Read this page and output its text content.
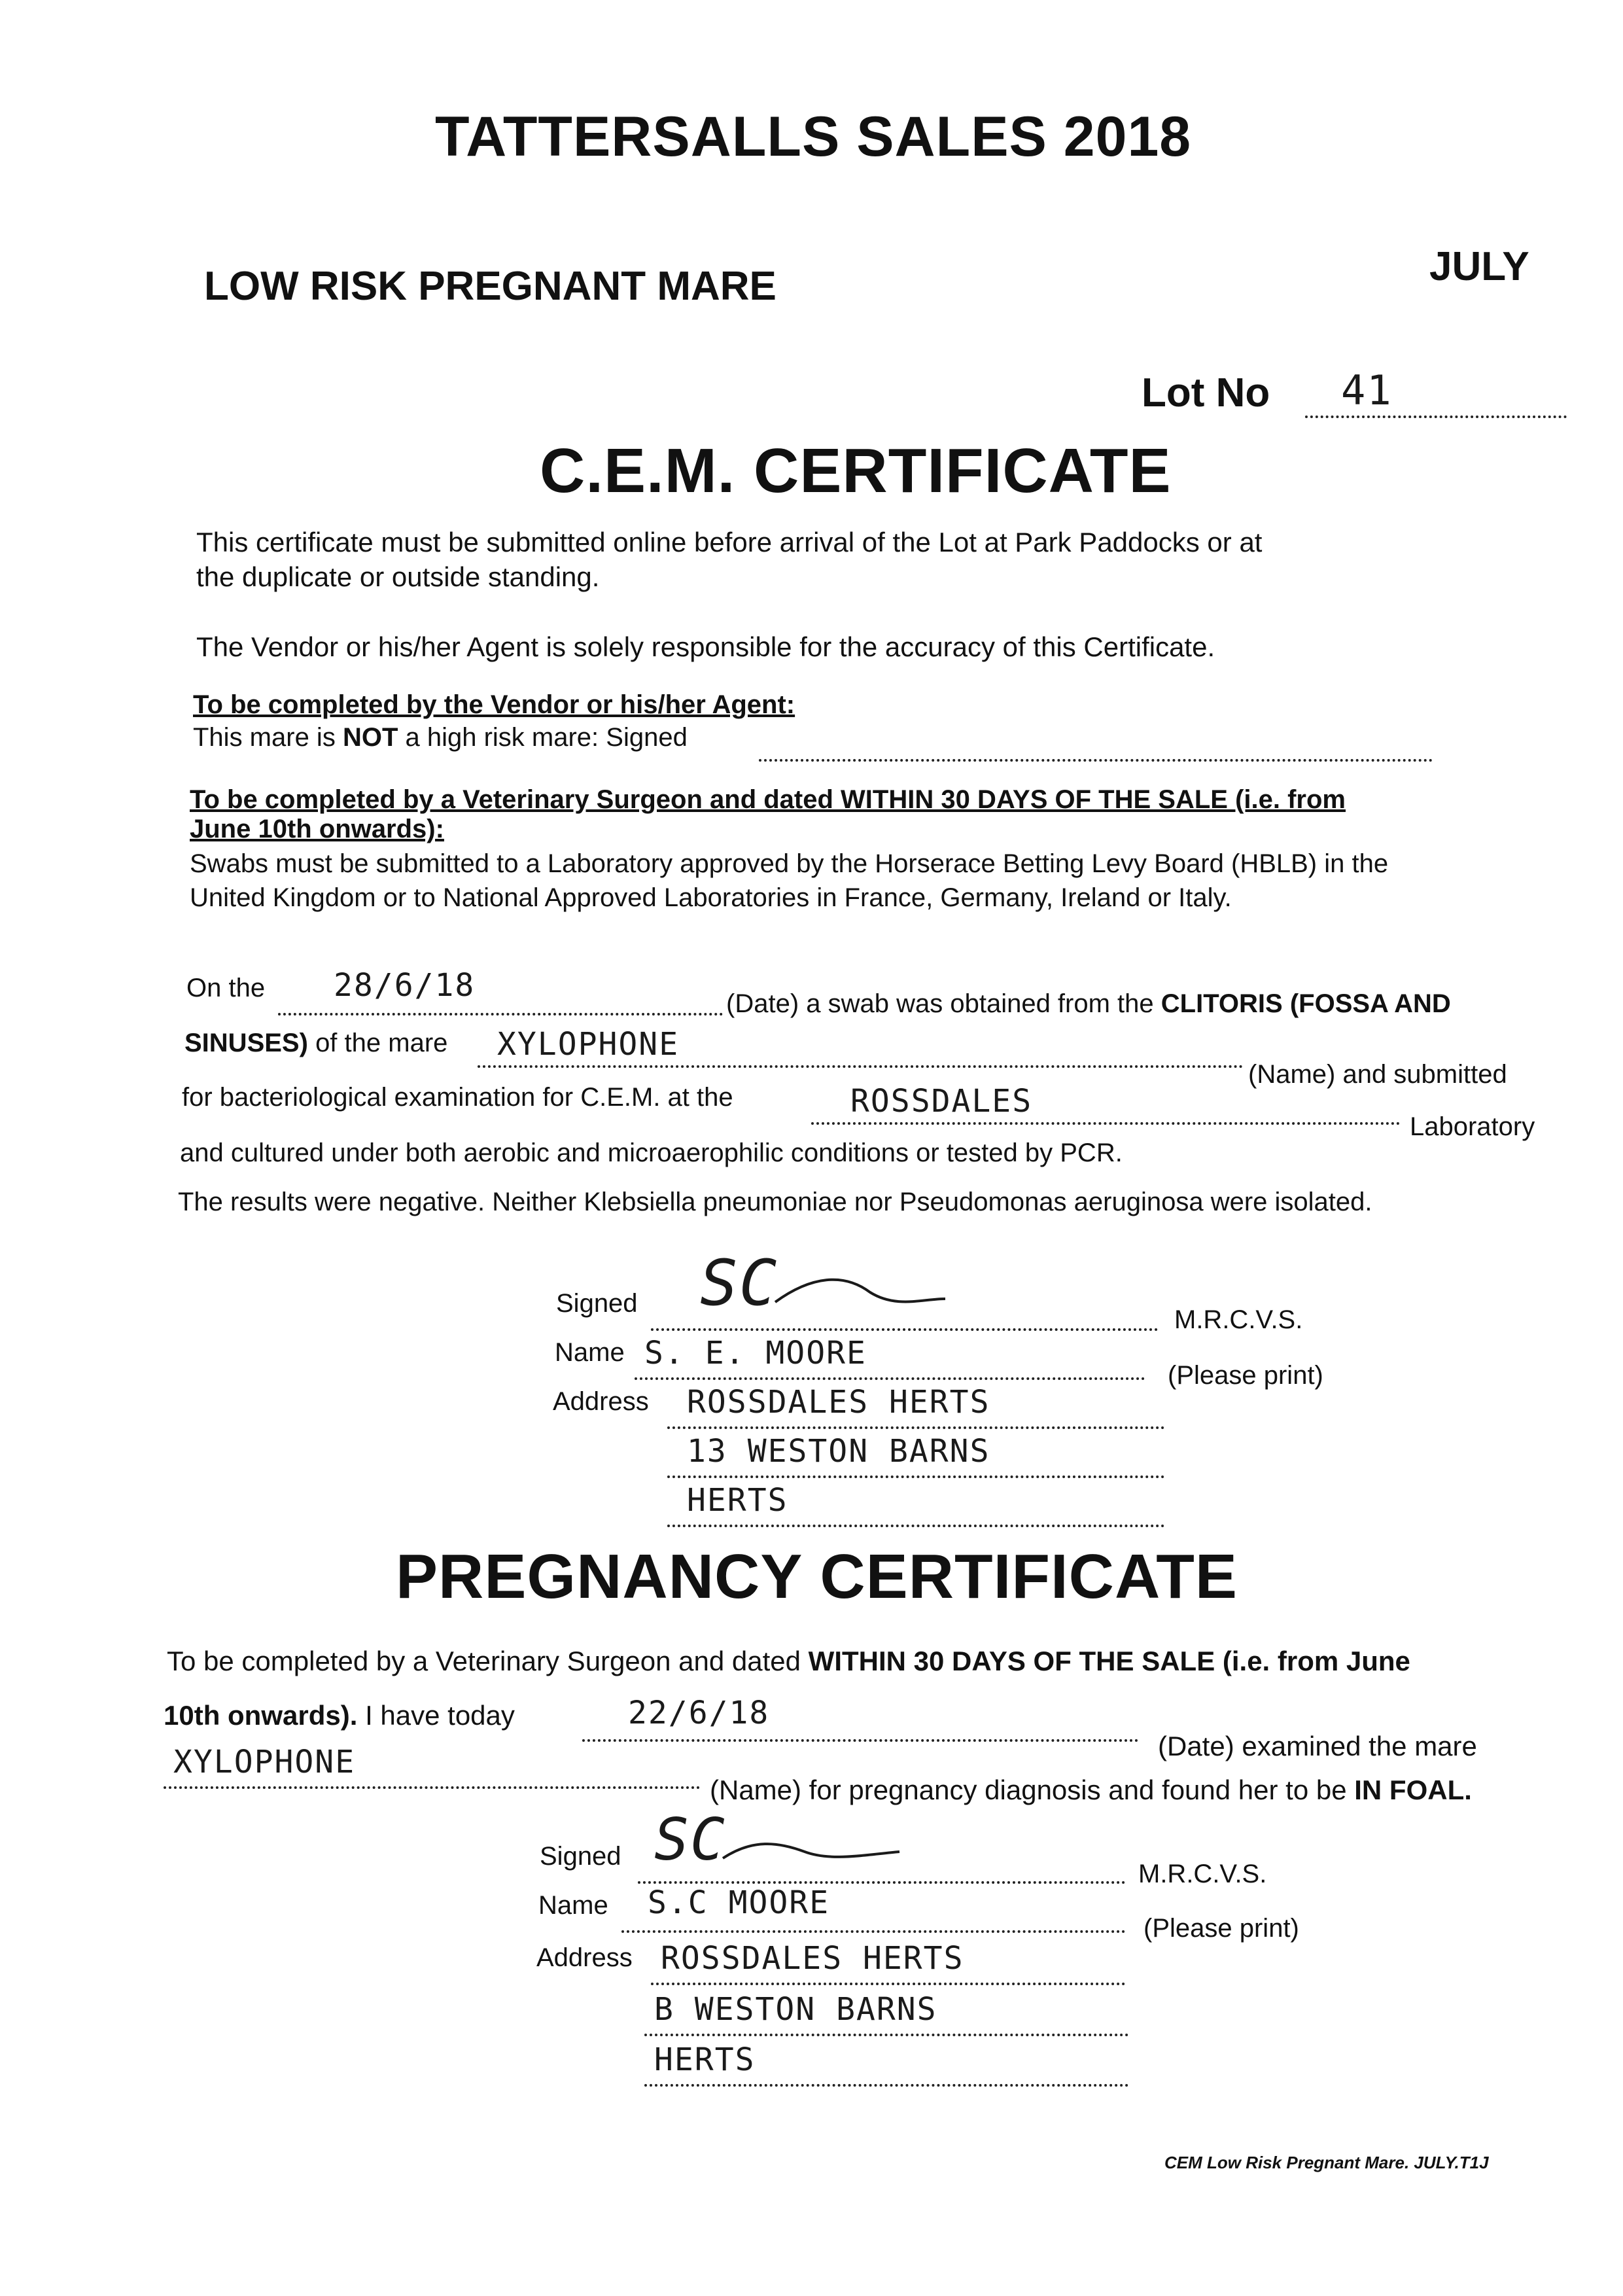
TATTERSALLS SALES 2018
JULY
LOW RISK PREGNANT MARE
Lot No 41
C.E.M. CERTIFICATE
This certificate must be submitted online before arrival of the Lot at Park Paddocks or at
the duplicate or outside standing.
The Vendor or his/her Agent is solely responsible for the accuracy of this Certificate.
To be completed by the Vendor or his/her Agent:
This mare is NOT a high risk mare: Signed
To be completed by a Veterinary Surgeon and dated WITHIN 30 DAYS OF THE SALE (i.e. from
June 10th onwards):
Swabs must be submitted to a Laboratory approved by the Horserace Betting Levy Board (HBLB) in the
United Kingdom or to National Approved Laboratories in France, Germany, Ireland or Italy.
On the 28/6/18	(Date) a swab was obtained from the CLITORIS (FOSSA AND
SINUSES) of the mare XYLOPHONE
(Name) and submitted
for bacteriological examination for C.E.M. at the	ROSSDALES
Laboratory
and cultured under both aerobic and microaerophilic conditions or tested by PCR.
The results were negative. Neither Klebsiella pneumoniae nor Pseudomonas aeruginosa were isolated.
Signed SC	M.R.C.V.S.
Name S. E. MOORE
(Please print)
Address ROSSDALES HERTS
13 WESTON BARNS
HERTS
PREGNANCY CERTIFICATE
To be completed by a Veterinary Surgeon and dated WITHIN 30 DAYS OF THE SALE (i.e. from June
10th onwards). I have today	22/6/18
(Date) examined the mare
XYLOPHONE
(Name) for pregnancy diagnosis and found her to be IN FOAL.
Signed SC
M.R.C.V.S.
Name S.C MOORE
(Please print)
Address ROSSDALES HERTS
B WESTON BARNS
HERTS
CEM Low Risk Pregnant Mare. JULY.T1J
